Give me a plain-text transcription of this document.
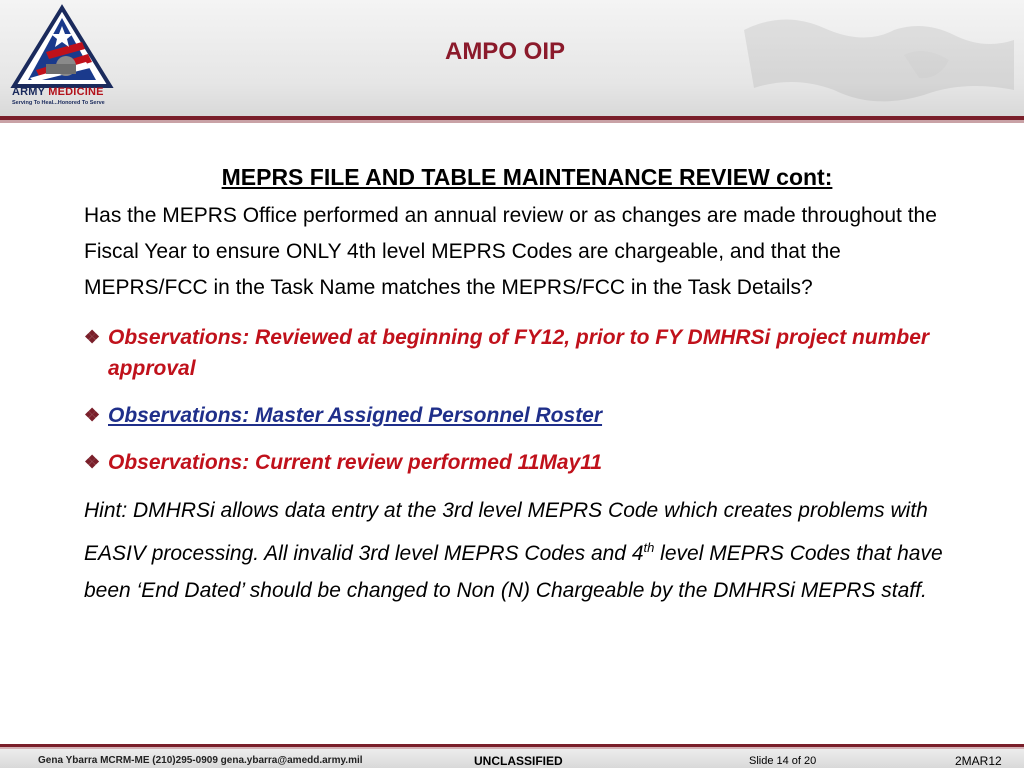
ARMY MEDICINE
Serving To Heal...Honored To Serve
AMPO OIP
MEPRS FILE AND TABLE MAINTENANCE REVIEW cont:
Has the MEPRS Office performed an annual review or as changes are made throughout the Fiscal Year to ensure ONLY 4th level MEPRS Codes are chargeable, and that the MEPRS/FCC in the Task Name matches the MEPRS/FCC in the Task Details?
❖ Observations: Reviewed at beginning of FY12, prior to FY DMHRSi project number approval
❖ Observations: Master Assigned Personnel Roster
❖ Observations: Current review performed 11May11
Hint: DMHRSi allows data entry at the 3rd level MEPRS Code which creates problems with EASIV processing. All invalid 3rd level MEPRS Codes and 4th level MEPRS Codes that have been ‘End Dated’ should be changed to Non (N) Chargeable by the DMHRSi MEPRS staff.
Gena Ybarra MCRM-ME (210)295-0909 gena.ybarra@amedd.army.mil	UNCLASSIFIED	Slide 14 of 20	2MAR12
